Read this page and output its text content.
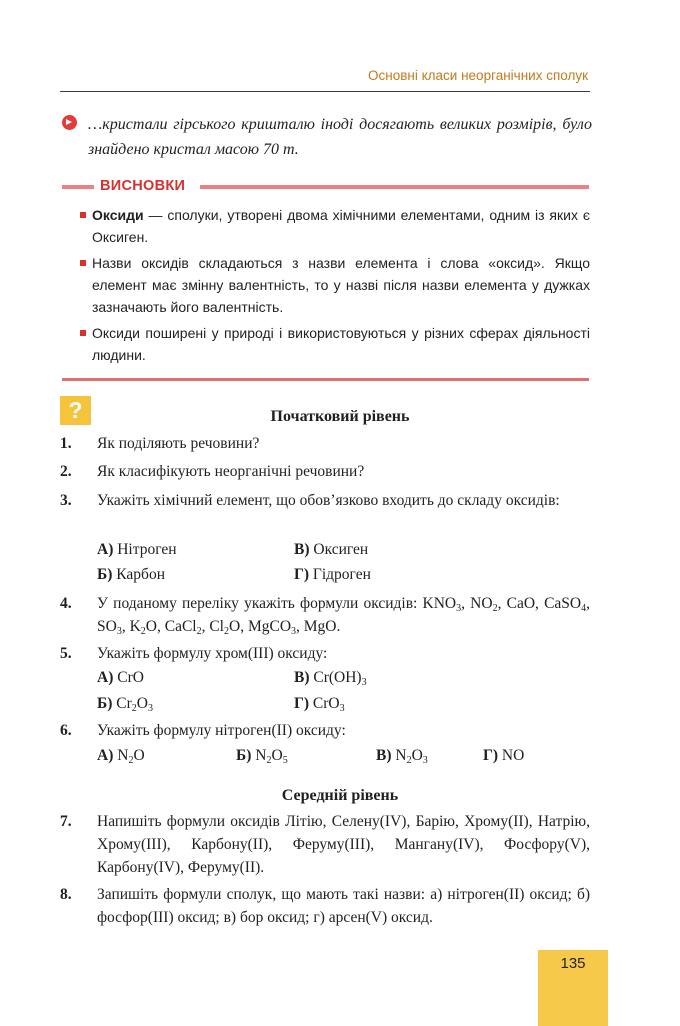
Основні класи неорганічних сполук

…кристали гірського кришталю іноді досягають великих розмірів, було знайдено кристал масою 70 т.

ВИСНОВКИ
Оксиди — сполуки, утворені двома хімічними елементами, одним із яких є Оксиген.
Назви оксидів складаються з назви елемента і слова «оксид». Якщо елемент має змінну валентність, то у назві після назви елемента у дужках зазначають його валентність.
Оксиди поширені у природі і використовуються у різних сферах діяльності людини.
?	Початковий рівень
1. Як поділяють речовини?

2. Як класифікують неорганічні речовини?

3. Укажіть хімічний елемент, що обов’язково входить до складу оксидів:

А) Нітроген	В) Оксиген
Б) Карбон	Г) Гідроген
4. У поданому переліку укажіть формули оксидів: $KNO_3$, $NO_2$, CaO, CaSO$_4$, $SO_3$, $K_2O$, CaCl$_2$, $Cl_2O$, MgCO$_3$, MgO.

5. Укажіть формулу хром(III) оксиду:

А) CrO	В) $Cr(OH)_3$
Б) $Cr_2O_3$	Г) CrO$_3$
6. Укажіть формулу нітроген(II) оксиду:

А) $N_2O$	Б) $N_2O_5$	В) $N_2O_3$	Г) NO
Середній рівень
7. Напишіть формули оксидів Літію, Селену(IV), Барію, Хрому(II), Натрію, Хрому(III), Карбону(II), Феруму(III), Мангану(IV), Фосфору(V), Карбону(IV), Феруму(II).

8. Запишіть формули сполук, що мають такі назви: а) нітроген(II) оксид; б) фосфор(III) оксид; в) бор оксид; г) арсен(V) оксид.

135
